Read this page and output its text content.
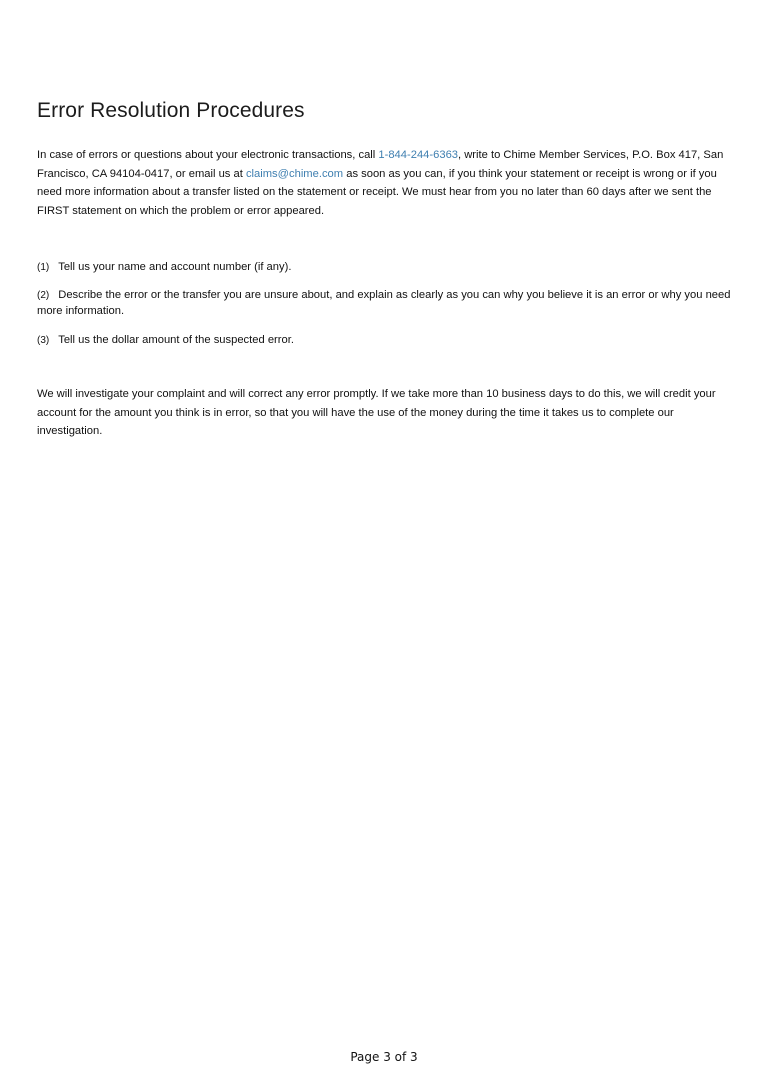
Error Resolution Procedures

In case of errors or questions about your electronic transactions, call 1-844-244-6363, write to Chime Member Services, P.O. Box 417, San Francisco, CA 94104-0417, or email us at claims@chime.com as soon as you can, if you think your statement or receipt is wrong or if you need more information about a transfer listed on the statement or receipt. We must hear from you no later than 60 days after we sent the FIRST statement on which the problem or error appeared.

(1) Tell us your name and account number (if any).
(2) Describe the error or the transfer you are unsure about, and explain as clearly as you can why you believe it is an error or why you need more information.
(3) Tell us the dollar amount of the suspected error.

We will investigate your complaint and will correct any error promptly. If we take more than 10 business days to do this, we will credit your account for the amount you think is in error, so that you will have the use of the money during the time it takes us to complete our investigation.

Page 3 of 3
